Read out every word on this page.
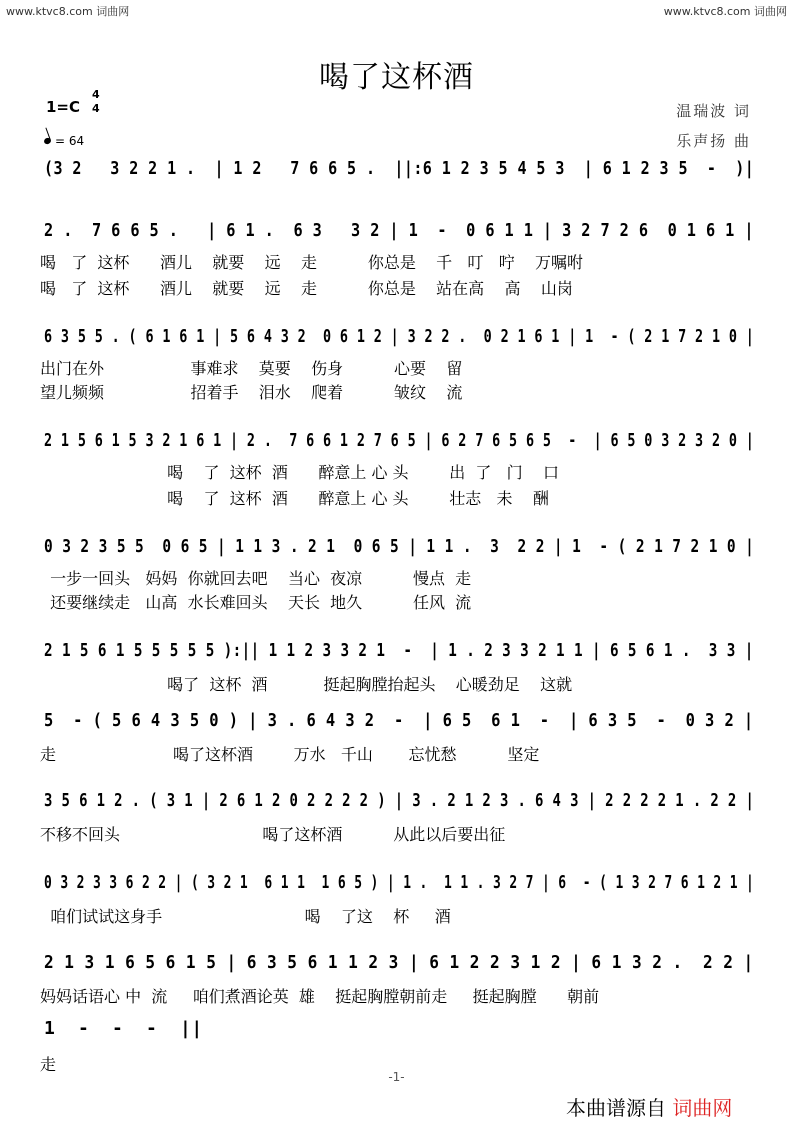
www.ktvc8.com 词曲网	www.ktvc8.com 词曲网
喝了这杯酒
1=C
4
4
= 64
温瑞波 词
乐声扬 曲
(3 2   3 2 2 1 .  | 1 2   7 6 6 5 .  ||:6 1 2 3 5 4 5 3  | 6 1 2 3 5  -  )|
2 .  7 6 6 5 .   | 6 1 .  6 3   3 2 | 1  -  0 6 1 1 | 3 2 7 2 6  0 1 6 1 |
喝   了  这杯      酒儿    就要    远    走          你总是    千   叮   咛    万嘱咐
喝   了  这杯      酒儿    就要    远    走          你总是    站在高    高    山岗
6 3 5 5 . ( 6 1 6 1 | 5 6 4 3 2  0 6 1 2 | 3 2 2 .  0 2 1 6 1 | 1  - ( 2 1 7 2 1 0 |
出门在外                 事难求    莫要    伤身          心要    留
望儿频频                 招着手    泪水    爬着          皱纹    流
2 1 5 6 1 5 3 2 1 6 1 | 2 .  7 6 6 1 2 7 6 5 | 6 2 7 6 5 6 5  -  | 6 5 0 3 2 3 2 0 |
喝    了  这杯  酒      醉意上 心 头        出  了   门    口
喝    了  这杯  酒      醉意上 心 头        壮志   未    酬
0 3 2 3 5 5  0 6 5 | 1 1 3 . 2 1  0 6 5 | 1 1 .  3  2 2 | 1  - ( 2 1 7 2 1 0 |
一步一回头   妈妈  你就回去吧    当心  夜凉          慢点  走
还要继续走   山高  水长难回头    天长  地久          任风  流
2 1 5 6 1 5 5 5 5 5 ):|| 1 1 2 3 3 2 1  -  | 1 . 2 3 3 2 1 1 | 6 5 6 1 .  3 3 |
喝了  这杯  酒           挺起胸膛抬起头    心暖劲足    这就
5  - ( 5 6 4 3 5 0 ) | 3 . 6 4 3 2  -  | 6 5  6 1  -  | 6 3 5  -  0 3 2 |
走                       喝了这杯酒        万水   千山       忘忧愁          坚定
3 5 6 1 2 . ( 3 1 | 2 6 1 2 0 2 2 2 2 ) | 3 . 2 1 2 3 . 6 4 3 | 2 2 2 2 1 . 2 2 |
不移不回头                            喝了这杯酒          从此以后要出征
0 3 2 3 3 6 2 2 | ( 3 2 1  6 1 1  1 6 5 ) | 1 .  1 1 . 3 2 7 | 6  - ( 1 3 2 7 6 1 2 1 |
咱们试试这身手                            喝    了这    杯     酒
2 1 3 1 6 5 6 1 5 | 6 3 5 6 1 1 2 3 | 6 1 2 2 3 1 2 | 6 1 3 2 .  2 2 |
妈妈话语心 中  流     咱们煮酒论英  雄    挺起胸膛朝前走     挺起胸膛      朝前
1  -  -  -  ||
走
-1-
本曲谱源自 词曲网
